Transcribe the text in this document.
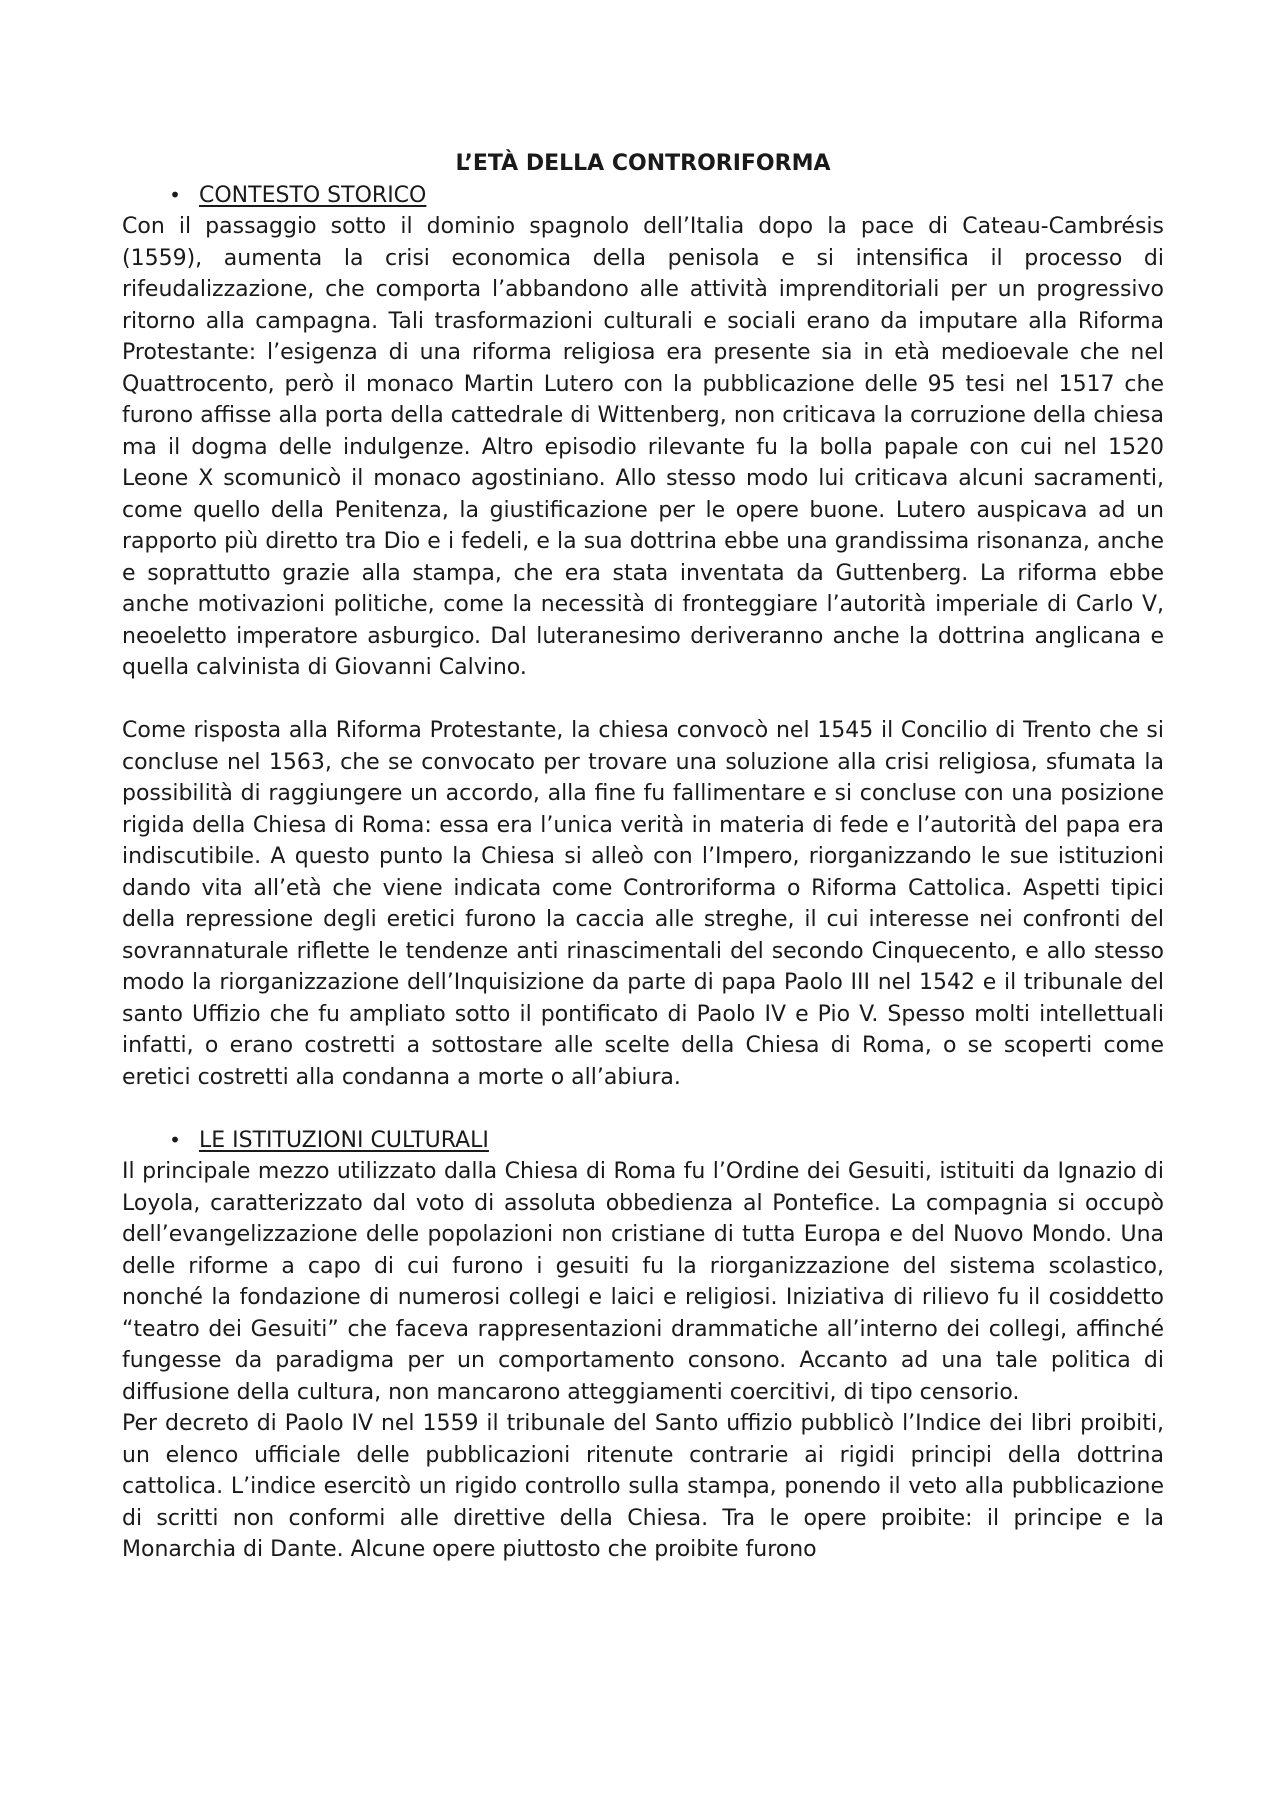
L’ETÀ DELLA CONTRORIFORMA
• CONTESTO STORICO

Con il passaggio sotto il dominio spagnolo dell’Italia dopo la pace di Cateau-Cambrésis (1559), aumenta la crisi economica della penisola e si intensifica il processo di rifeudalizzazione, che comporta l’abbandono alle attività imprenditoriali per un progressivo ritorno alla campagna. Tali trasformazioni culturali e sociali erano da imputare alla Riforma Protestante: l’esigenza di una riforma religiosa era presente sia in età medioevale che nel Quattrocento, però il monaco Martin Lutero con la pubblicazione delle 95 tesi nel 1517 che furono affisse alla porta della cattedrale di Wittenberg, non criticava la corruzione della chiesa ma il dogma delle indulgenze. Altro episodio rilevante fu la bolla papale con cui nel 1520 Leone X scomunicò il monaco agostiniano. Allo stesso modo lui criticava alcuni sacramenti, come quello della Penitenza, la giustificazione per le opere buone. Lutero auspicava ad un rapporto più diretto tra Dio e i fedeli, e la sua dottrina ebbe una grandissima risonanza, anche e soprattutto grazie alla stampa, che era stata inventata da Guttenberg. La riforma ebbe anche motivazioni politiche, come la necessità di fronteggiare l’autorità imperiale di Carlo V, neoeletto imperatore asburgico. Dal luteranesimo deriveranno anche la dottrina anglicana e quella calvinista di Giovanni Calvino.

Come risposta alla Riforma Protestante, la chiesa convocò nel 1545 il Concilio di Trento che si concluse nel 1563, che se convocato per trovare una soluzione alla crisi religiosa, sfumata la possibilità di raggiungere un accordo, alla fine fu fallimentare e si concluse con una posizione rigida della Chiesa di Roma: essa era l’unica verità in materia di fede e l’autorità del papa era indiscutibile. A questo punto la Chiesa si alleò con l’Impero, riorganizzando le sue istituzioni dando vita all’età che viene indicata come Controriforma o Riforma Cattolica. Aspetti tipici della repressione degli eretici furono la caccia alle streghe, il cui interesse nei confronti del sovrannaturale riflette le tendenze anti rinascimentali del secondo Cinquecento, e allo stesso modo la riorganizzazione dell’Inquisizione da parte di papa Paolo III nel 1542 e il tribunale del santo Uffizio che fu ampliato sotto il pontificato di Paolo IV e Pio V. Spesso molti intellettuali infatti, o erano costretti a sottostare alle scelte della Chiesa di Roma, o se scoperti come eretici costretti alla condanna a morte o all’abiura.

• LE ISTITUZIONI CULTURALI

Il principale mezzo utilizzato dalla Chiesa di Roma fu l’Ordine dei Gesuiti, istituiti da Ignazio di Loyola, caratterizzato dal voto di assoluta obbedienza al Pontefice. La compagnia si occupò dell’evangelizzazione delle popolazioni non cristiane di tutta Europa e del Nuovo Mondo. Una delle riforme a capo di cui furono i gesuiti fu la riorganizzazione del sistema scolastico, nonché la fondazione di numerosi collegi e laici e religiosi. Iniziativa di rilievo fu il cosiddetto “teatro dei Gesuiti” che faceva rappresentazioni drammatiche all’interno dei collegi, affinché fungesse da paradigma per un comportamento consono. Accanto ad una tale politica di diffusione della cultura, non mancarono atteggiamenti coercitivi, di tipo censorio.

Per decreto di Paolo IV nel 1559 il tribunale del Santo uffizio pubblicò l’Indice dei libri proibiti, un elenco ufficiale delle pubblicazioni ritenute contrarie ai rigidi principi della dottrina cattolica. L’indice esercitò un rigido controllo sulla stampa, ponendo il veto alla pubblicazione di scritti non conformi alle direttive della Chiesa. Tra le opere proibite: il principe e la Monarchia di Dante. Alcune opere piuttosto che proibite furono
